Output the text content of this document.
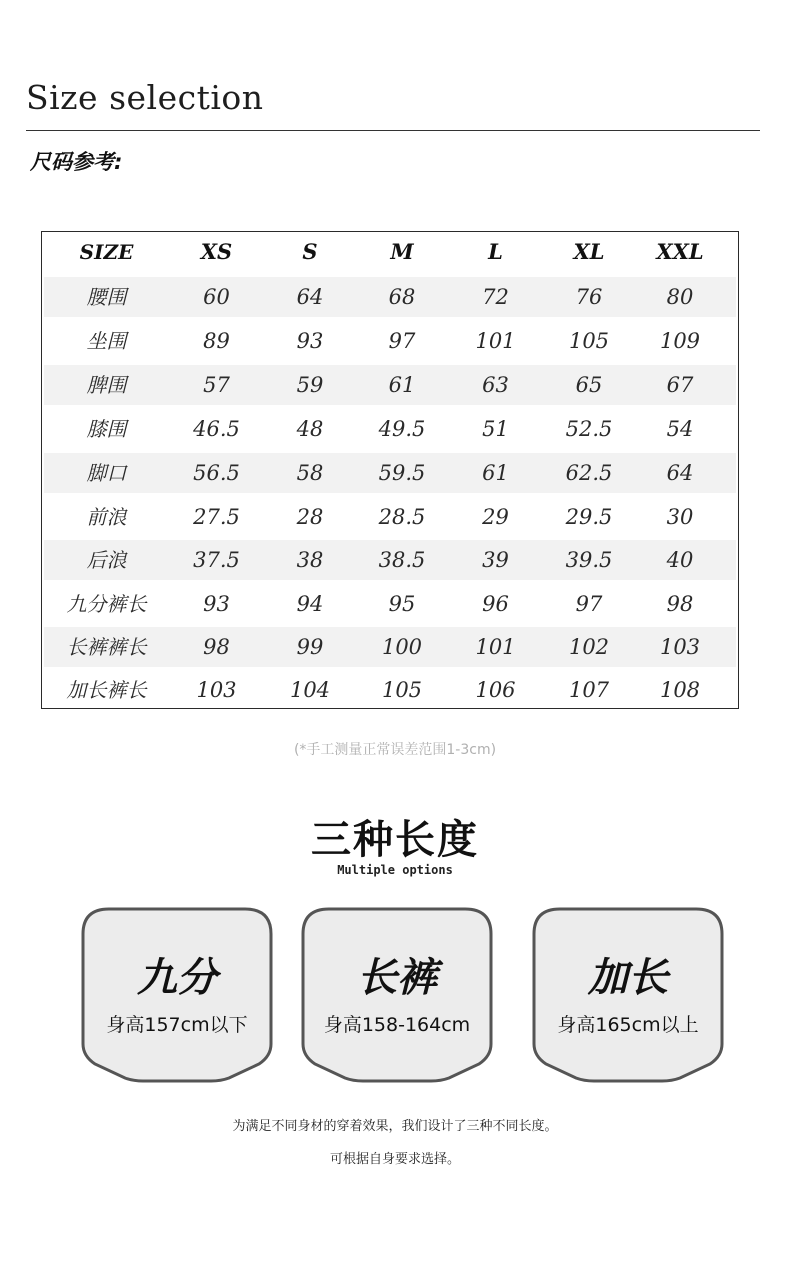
Size selection
尺码参考:
SIZE	XS	S	M	L	XL	XXL
腰围	60	64	68	72	76	80
坐围	89	93	97	101	105	109
脾围	57	59	61	63	65	67
膝围	46.5	48	49.5	51	52.5	54
脚口	56.5	58	59.5	61	62.5	64
前浪	27.5	28	28.5	29	29.5	30
后浪	37.5	38	38.5	39	39.5	40
九分裤长	93	94	95	96	97	98
长裤裤长	98	99	100	101	102	103
加长裤长	103	104	105	106	107	108
(*手工测量正常误差范围1-3cm)
三种长度
Multiple options
九分
身高157cm以下
长裤
身高158-164cm
加长
身高165cm以上
为满足不同身材的穿着效果，我们设计了三种不同长度。
可根据自身要求选择。
